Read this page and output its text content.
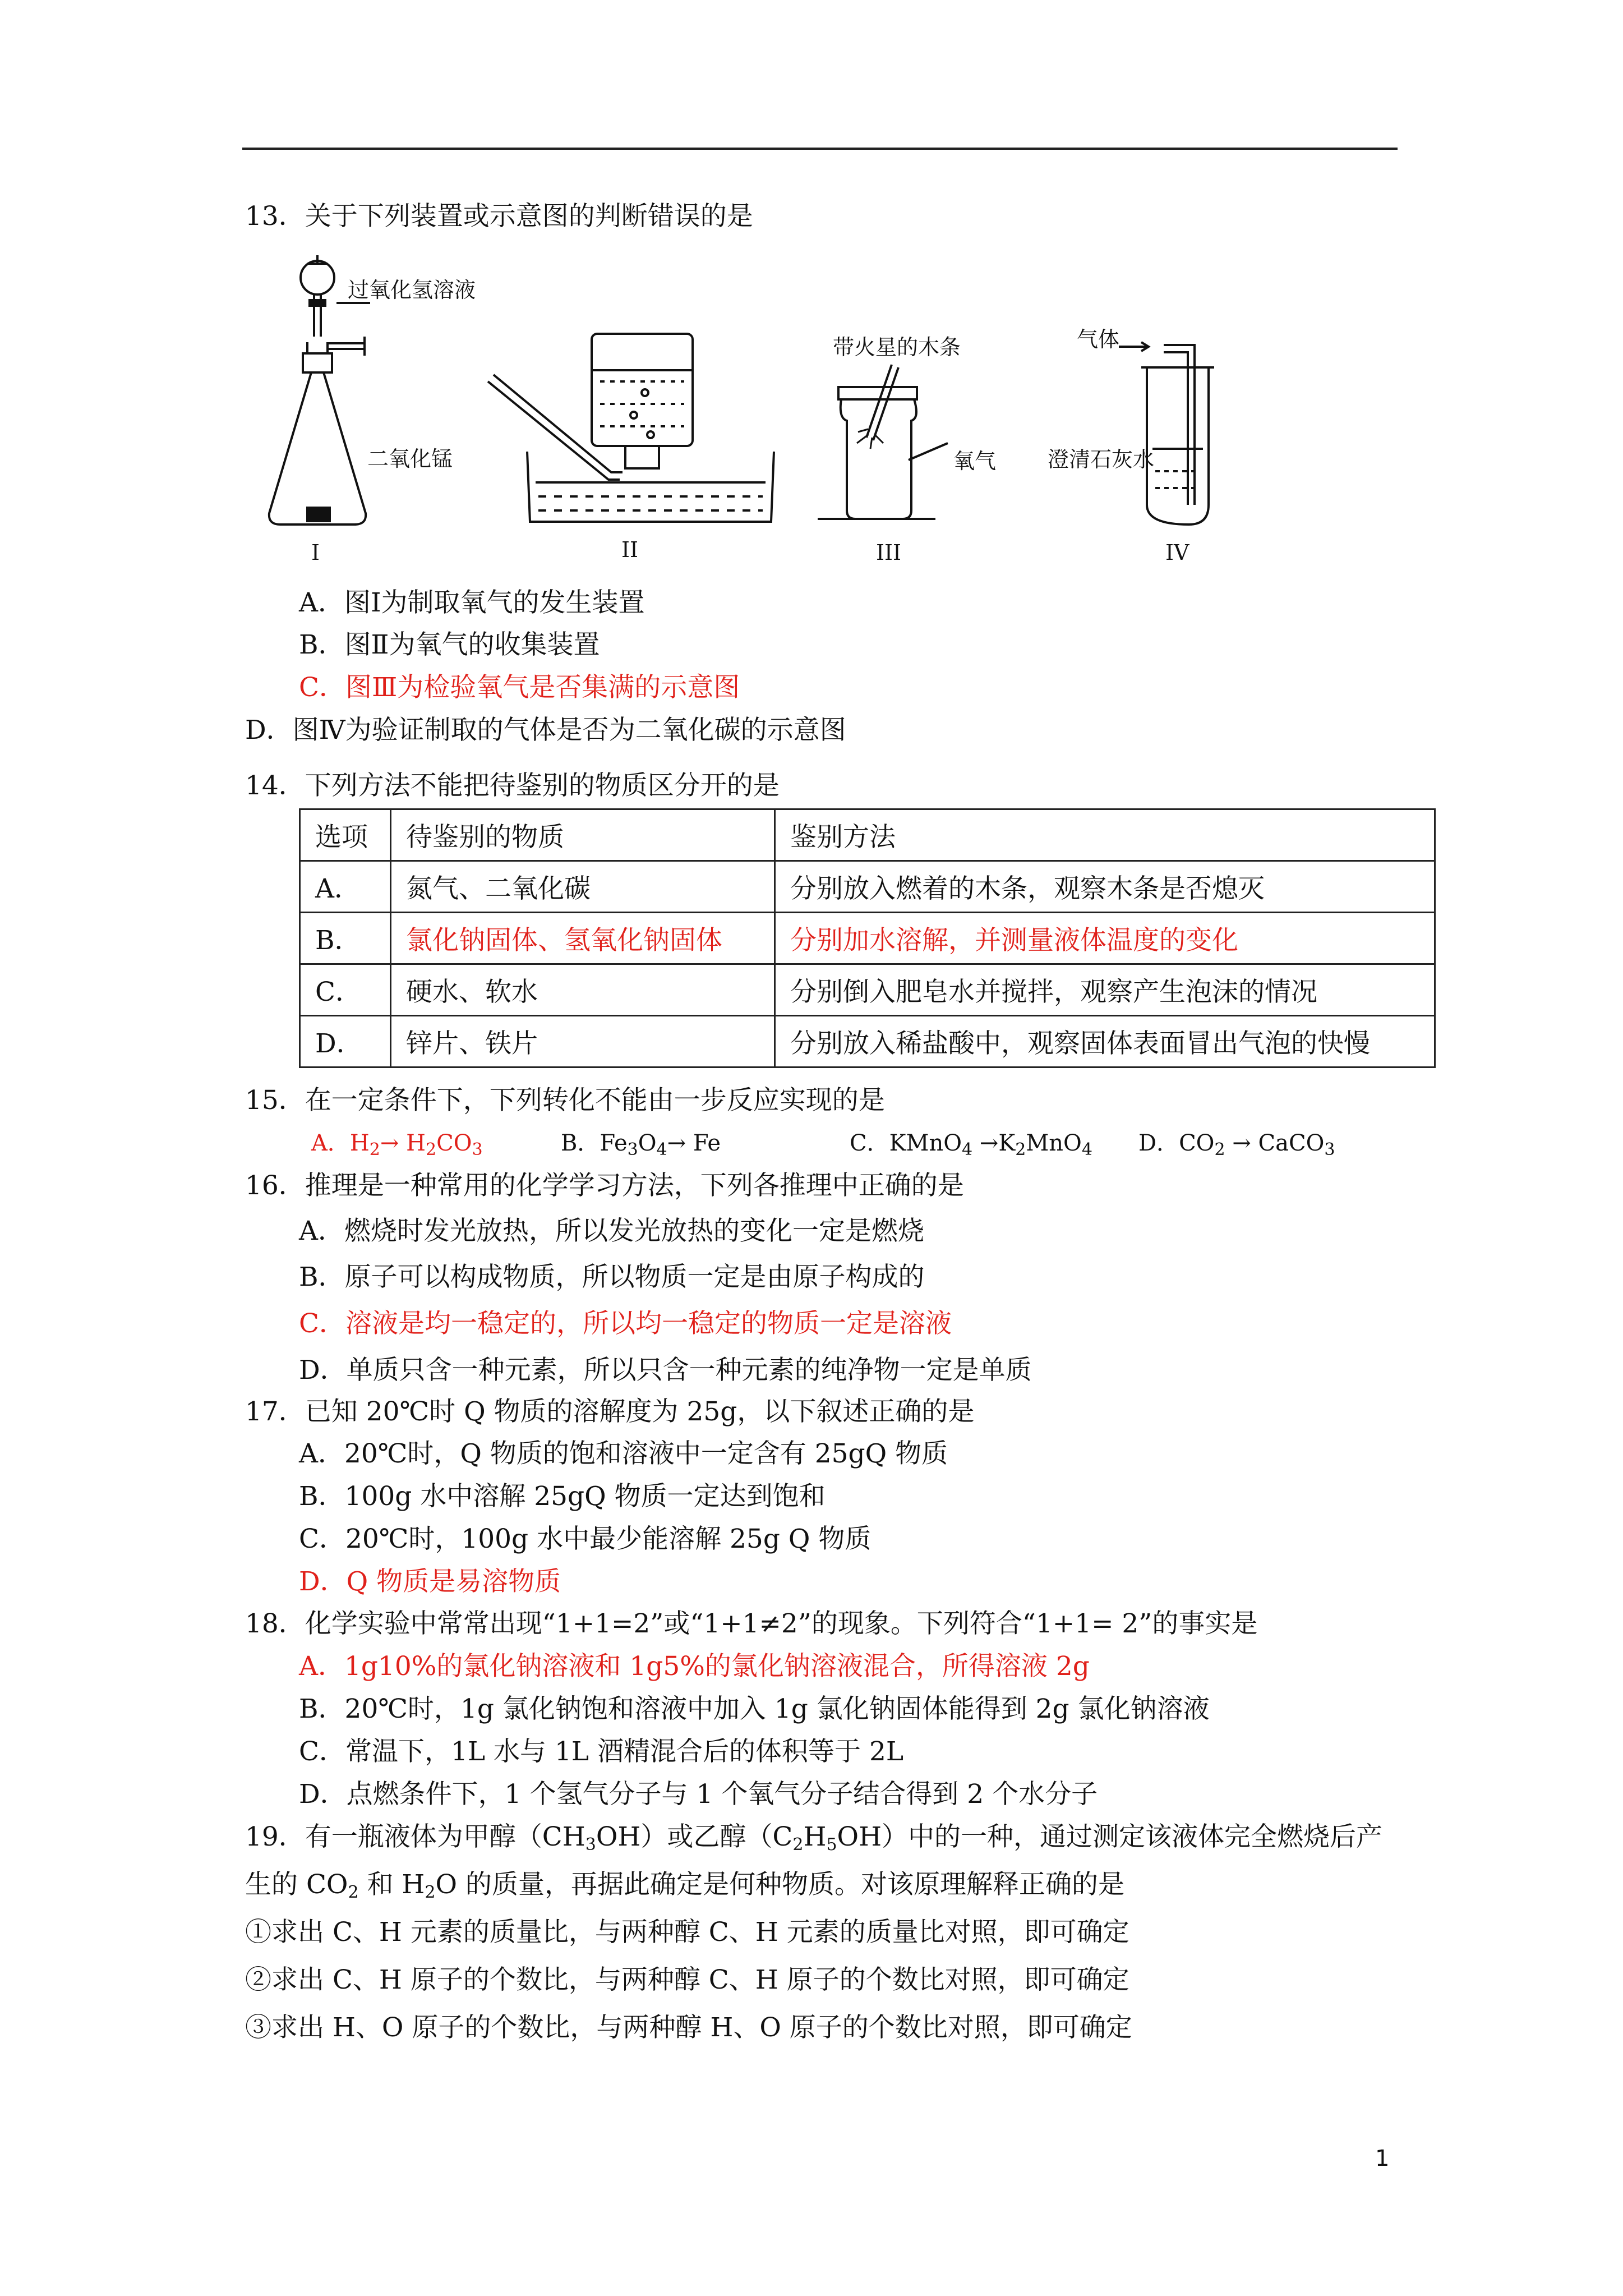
13．关于下列装置或示意图的判断错误的是
过氧化氢溶液
二氧化锰
带火星的木条
氧气
气体
澄清石灰水
I	II	III	IV
A．图Ⅰ为制取氧气的发生装置
B．图Ⅱ为氧气的收集装置
C．图Ⅲ为检验氧气是否集满的示意图
D．图Ⅳ为验证制取的气体是否为二氧化碳的示意图
14．下列方法不能把待鉴别的物质区分开的是
选项	待鉴别的物质	鉴别方法
A．	氮气、二氧化碳	分别放入燃着的木条，观察木条是否熄灭
B．	氯化钠固体、氢氧化钠固体	分别加水溶解，并测量液体温度的变化
C．	硬水、软水	分别倒入肥皂水并搅拌，观察产生泡沫的情况
D．	锌片、铁片	分别放入稀盐酸中，观察固体表面冒出气泡的快慢
15．在一定条件下，下列转化不能由一步反应实现的是
A．$H_2\to H_2CO_3$	B．$Fe_3O_4\to Fe$	C．KMnO$_4$ $\to K_2MnO_4$ D．$CO_2$ → CaCO$_3$
16．推理是一种常用的化学学习方法，下列各推理中正确的是
A．燃烧时发光放热，所以发光放热的变化一定是燃烧
B．原子可以构成物质，所以物质一定是由原子构成的
C．溶液是均一稳定的，所以均一稳定的物质一定是溶液
D．单质只含一种元素，所以只含一种元素的纯净物一定是单质
17．已知 20℃时 Q 物质的溶解度为 25g，以下叙述正确的是
A．20℃时，Q 物质的饱和溶液中一定含有 25gQ 物质
B．100g 水中溶解 25gQ 物质一定达到饱和
C．20℃时，100g 水中最少能溶解 25g Q 物质
D．Q 物质是易溶物质
18．化学实验中常常出现“1+1=2”或“1+1≠2”的现象。下列符合“1+1= 2”的事实是
A．1g10%的氯化钠溶液和 1g5%的氯化钠溶液混合，所得溶液 2g
B．20℃时，1g 氯化钠饱和溶液中加入 1g 氯化钠固体能得到 2g 氯化钠溶液
C．常温下，1L 水与 1L 酒精混合后的体积等于 2L
D．点燃条件下，1 个氢气分子与 1 个氧气分子结合得到 2 个水分子
19．有一瓶液体为甲醇$(CH_3OH)$或乙醇$(C_2H_5OH)$中的一种，通过测定该液体完全燃烧后产
生的 $CO_2$ 和 $H_2O$ 的质量，再据此确定是何种物质。对该原理解释正确的是
①求出 C、H 元素的质量比，与两种醇 C、H 元素的质量比对照，即可确定
②求出 C、H 原子的个数比，与两种醇 C、H 原子的个数比对照，即可确定
③求出 H、O 原子的个数比，与两种醇 H、O 原子的个数比对照，即可确定
1
